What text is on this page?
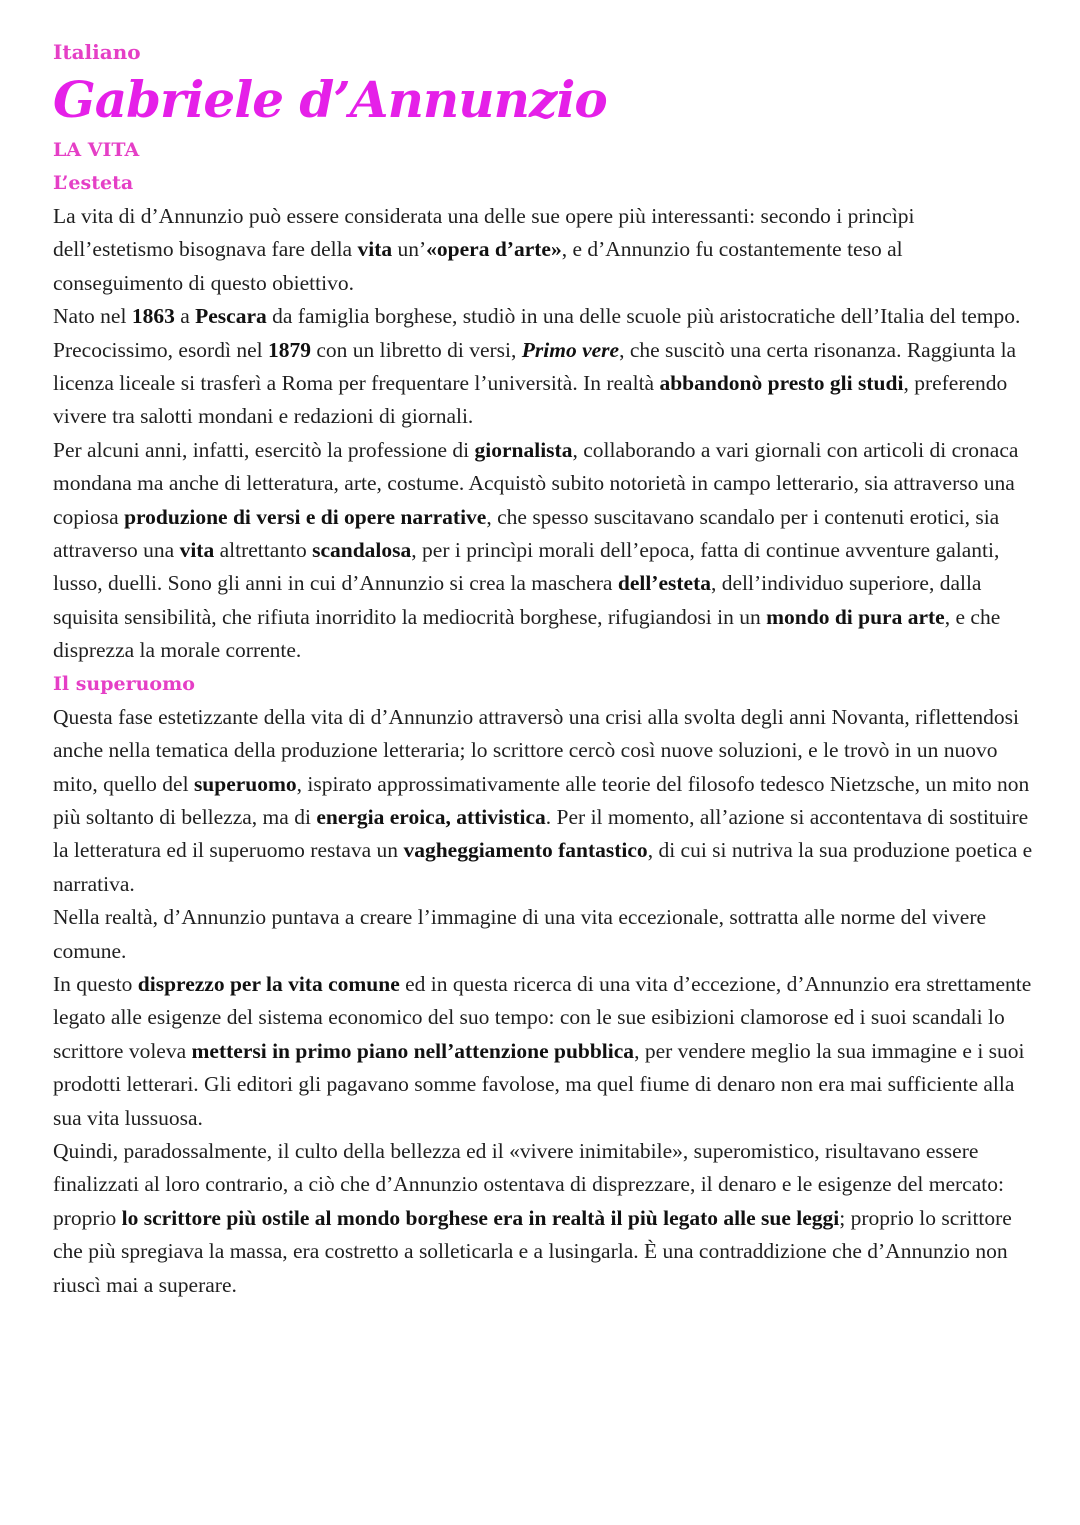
Italiano
Gabriele d’Annunzio
LA VITA
L’esteta

La vita di d’Annunzio può essere considerata una delle sue opere più interessanti: secondo i princìpi dell’estetismo bisognava fare della vita un’«opera d’arte», e d’Annunzio fu costantemente teso al conseguimento di questo obiettivo.

Nato nel 1863 a Pescara da famiglia borghese, studiò in una delle scuole più aristocratiche dell’Italia del tempo.

Precocissimo, esordì nel 1879 con un libretto di versi, Primo vere, che suscitò una certa risonanza. Raggiunta la licenza liceale si trasferì a Roma per frequentare l’università. In realtà abbandonò presto gli studi, preferendo vivere tra salotti mondani e redazioni di giornali.

Per alcuni anni, infatti, esercitò la professione di giornalista, collaborando a vari giornali con articoli di cronaca mondana ma anche di letteratura, arte, costume. Acquistò subito notorietà in campo letterario, sia attraverso una copiosa produzione di versi e di opere narrative, che spesso suscitavano scandalo per i contenuti erotici, sia attraverso una vita altrettanto scandalosa, per i princìpi morali dell’epoca, fatta di continue avventure galanti, lusso, duelli. Sono gli anni in cui d’Annunzio si crea la maschera dell’esteta, dell’individuo superiore, dalla squisita sensibilità, che rifiuta inorridito la mediocrità borghese, rifugiandosi in un mondo di pura arte, e che disprezza la morale corrente.

Il superuomo

Questa fase estetizzante della vita di d’Annunzio attraversò una crisi alla svolta degli anni Novanta, riflettendosi anche nella tematica della produzione letteraria; lo scrittore cercò così nuove soluzioni, e le trovò in un nuovo mito, quello del superuomo, ispirato approssimativamente alle teorie del filosofo tedesco Nietzsche, un mito non più soltanto di bellezza, ma di energia eroica, attivistica. Per il momento, all’azione si accontentava di sostituire la letteratura ed il superuomo restava un vagheggiamento fantastico, di cui si nutriva la sua produzione poetica e narrativa.

Nella realtà, d’Annunzio puntava a creare l’immagine di una vita eccezionale, sottratta alle norme del vivere comune.

In questo disprezzo per la vita comune ed in questa ricerca di una vita d’eccezione, d’Annunzio era strettamente legato alle esigenze del sistema economico del suo tempo: con le sue esibizioni clamorose ed i suoi scandali lo scrittore voleva mettersi in primo piano nell’attenzione pubblica, per vendere meglio la sua immagine e i suoi prodotti letterari. Gli editori gli pagavano somme favolose, ma quel fiume di denaro non era mai sufficiente alla sua vita lussuosa.

Quindi, paradossalmente, il culto della bellezza ed il «vivere inimitabile», superomistico, risultavano essere finalizzati al loro contrario, a ciò che d’Annunzio ostentava di disprezzare, il denaro e le esigenze del mercato: proprio lo scrittore più ostile al mondo borghese era in realtà il più legato alle sue leggi; proprio lo scrittore che più spregiava la massa, era costretto a solleticarla e a lusingarla. È una contraddizione che d’Annunzio non riuscì mai a superare.
